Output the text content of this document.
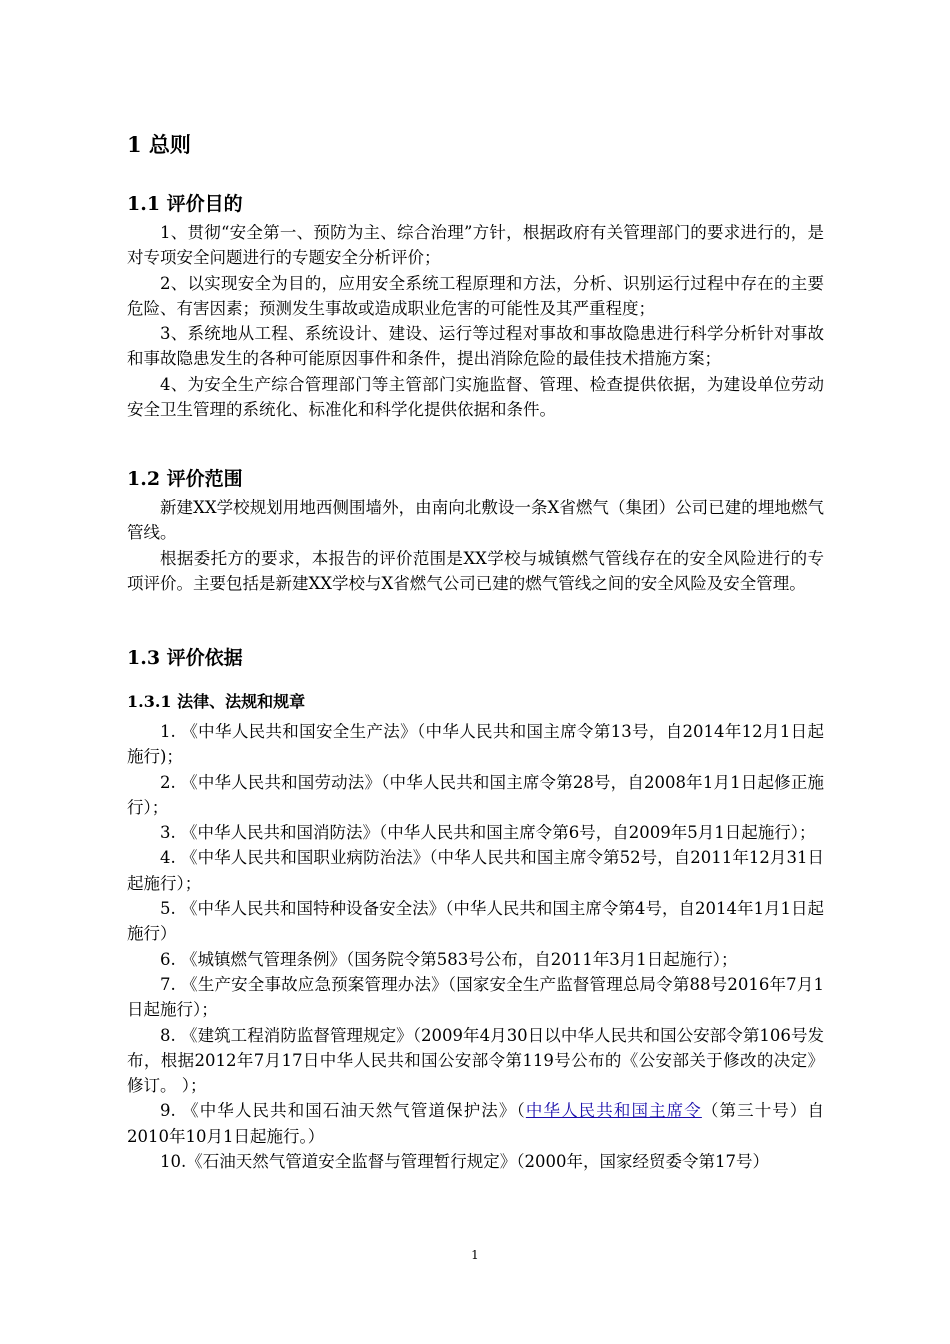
1 总则
1.1 评价目的

1、贯彻“安全第一、预防为主、综合治理”方针，根据政府有关管理部门的要求进行的，是对专项安全问题进行的专题安全分析评价；

2、以实现安全为目的，应用安全系统工程原理和方法，分析、识别运行过程中存在的主要危险、有害因素；预测发生事故或造成职业危害的可能性及其严重程度；

3、系统地从工程、系统设计、建设、运行等过程对事故和事故隐患进行科学分析针对事故和事故隐患发生的各种可能原因事件和条件，提出消除危险的最佳技术措施方案；

4、为安全生产综合管理部门等主管部门实施监督、管理、检查提供依据，为建设单位劳动安全卫生管理的系统化、标准化和科学化提供依据和条件。

1.2 评价范围

新建XX学校规划用地西侧围墙外，由南向北敷设一条X省燃气（集团）公司已建的埋地燃气管线。

根据委托方的要求，本报告的评价范围是XX学校与城镇燃气管线存在的安全风险进行的专项评价。主要包括是新建XX学校与X省燃气公司已建的燃气管线之间的安全风险及安全管理。

1.3 评价依据
1.3.1 法律、法规和规章

1. 《中华人民共和国安全生产法》（中华人民共和国主席令第13号，自2014年12月1日起施行)；

2. 《中华人民共和国劳动法》（中华人民共和国主席令第28号，自2008年1月1日起修正施行）；

3. 《中华人民共和国消防法》（中华人民共和国主席令第6号，自2009年5月1日起施行）；

4. 《中华人民共和国职业病防治法》（中华人民共和国主席令第52号，自2011年12月31日起施行）；

5. 《中华人民共和国特种设备安全法》（中华人民共和国主席令第4号，自2014年1月1日起施行）

6. 《城镇燃气管理条例》（国务院令第583号公布，自2011年3月1日起施行）；

7. 《生产安全事故应急预案管理办法》（国家安全生产监督管理总局令第88号2016年7月1日起施行）；

8. 《建筑工程消防监督管理规定》（2009年4月30日以中华人民共和国公安部令第106号发布，根据2012年7月17日中华人民共和国公安部令第119号公布的《公安部关于修改的决定》修订。 ）；

9. 《中华人民共和国石油天然气管道保护法》（中华人民共和国主席令（第三十号）自2010年10月1日起施行。）

10.《石油天然气管道安全监督与管理暂行规定》（2000年，国家经贸委令第17号）

1
